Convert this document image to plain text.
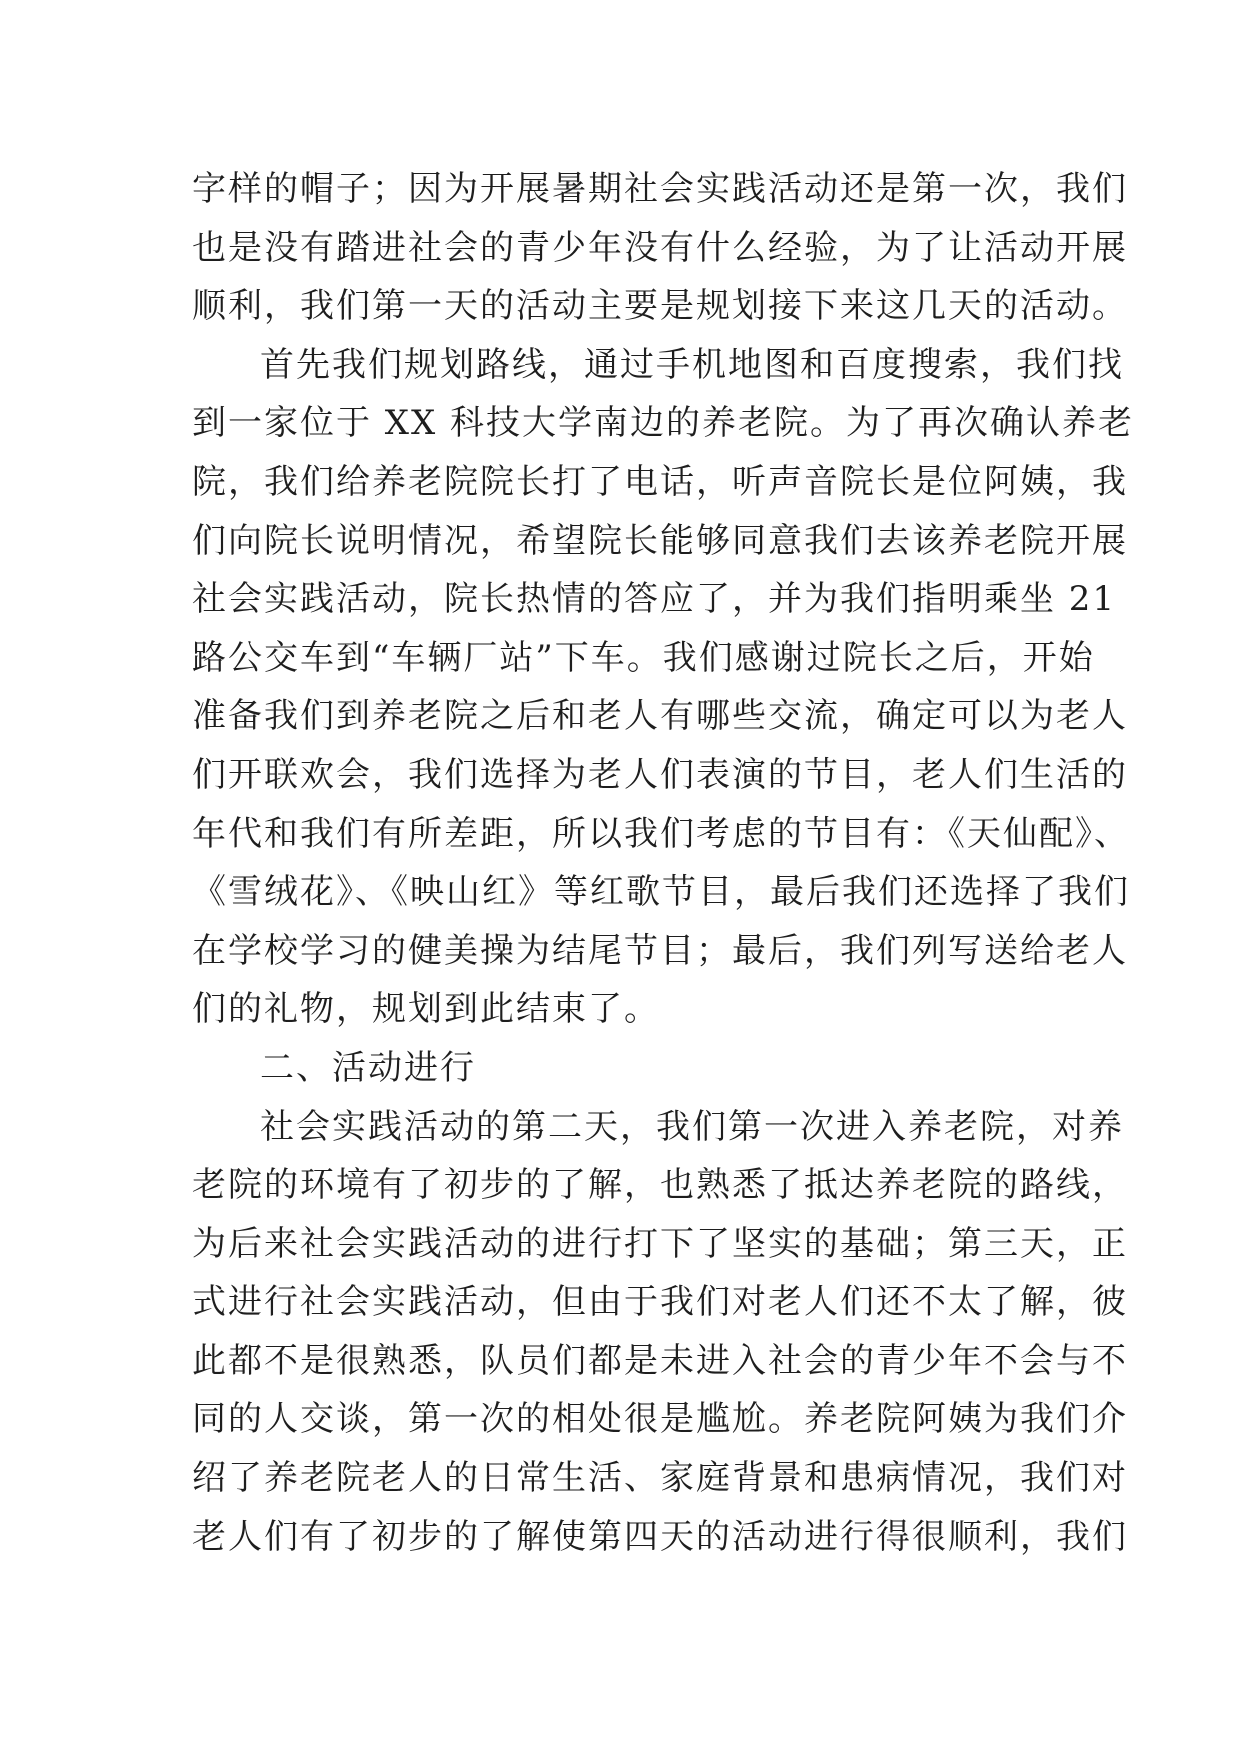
字样的帽子；因为开展暑期社会实践活动还是第一次，我们
也是没有踏进社会的青少年没有什么经验，为了让活动开展
顺利，我们第一天的活动主要是规划接下来这几天的活动。
首先我们规划路线，通过手机地图和百度搜索，我们找
到一家位于 XX 科技大学南边的养老院。为了再次确认养老
院，我们给养老院院长打了电话，听声音院长是位阿姨，我
们向院长说明情况，希望院长能够同意我们去该养老院开展
社会实践活动，院长热情的答应了，并为我们指明乘坐 21
路公交车到“车辆厂站”下车。我们感谢过院长之后，开始
准备我们到养老院之后和老人有哪些交流，确定可以为老人
们开联欢会，我们选择为老人们表演的节目，老人们生活的
年代和我们有所差距，所以我们考虑的节目有：《天仙配》、
《雪绒花》、《映山红》等红歌节目，最后我们还选择了我们
在学校学习的健美操为结尾节目；最后，我们列写送给老人
们的礼物，规划到此结束了。
二、活动进行
社会实践活动的第二天，我们第一次进入养老院，对养
老院的环境有了初步的了解，也熟悉了抵达养老院的路线，
为后来社会实践活动的进行打下了坚实的基础；第三天，正
式进行社会实践活动，但由于我们对老人们还不太了解，彼
此都不是很熟悉，队员们都是未进入社会的青少年不会与不
同的人交谈，第一次的相处很是尴尬。养老院阿姨为我们介
绍了养老院老人的日常生活、家庭背景和患病情况，我们对
老人们有了初步的了解使第四天的活动进行得很顺利，我们
